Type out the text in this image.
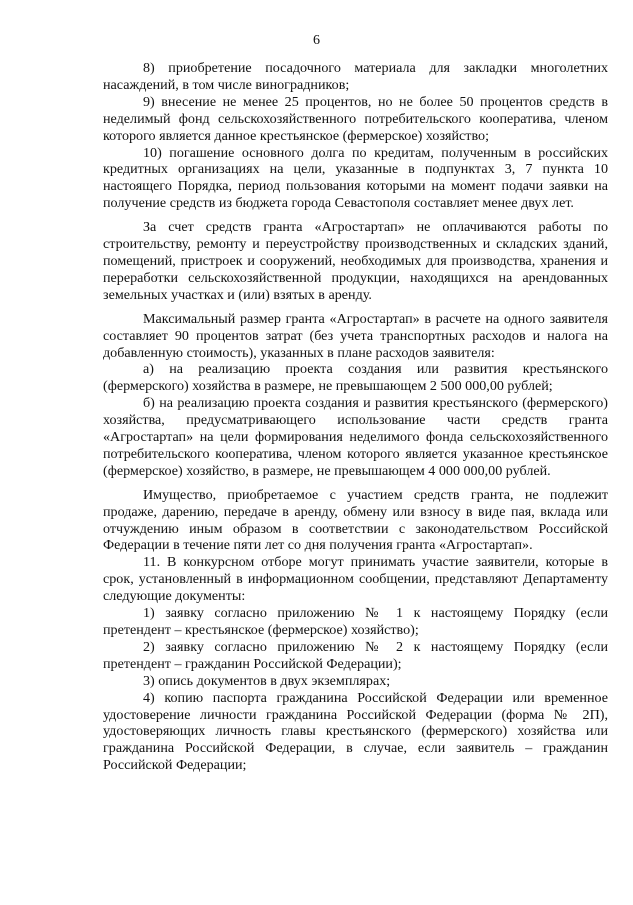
6

8) приобретение посадочного материала для закладки многолетних насаждений, в том числе виноградников;

9) внесение не менее 25 процентов, но не более 50 процентов средств в неделимый фонд сельскохозяйственного потребительского кооператива, членом которого является данное крестьянское (фермерское) хозяйство;

10) погашение основного долга по кредитам, полученным в российских кредитных организациях на цели, указанные в подпунктах 3, 7 пункта 10 настоящего Порядка, период пользования которыми на момент подачи заявки на получение средств из бюджета города Севастополя составляет менее двух лет.

За счет средств гранта «Агростартап» не оплачиваются работы по строительству, ремонту и переустройству производственных и складских зданий, помещений, пристроек и сооружений, необходимых для производства, хранения и переработки сельскохозяйственной продукции, находящихся на арендованных земельных участках и (или) взятых в аренду.

Максимальный размер гранта «Агростартап» в расчете на одного заявителя составляет 90 процентов затрат (без учета транспортных расходов и налога на добавленную стоимость), указанных в плане расходов заявителя:

а) на реализацию проекта создания или развития крестьянского (фермерского) хозяйства в размере, не превышающем 2 500 000,00 рублей;

б) на реализацию проекта создания и развития крестьянского (фермерского) хозяйства, предусматривающего использование части средств гранта «Агростартап» на цели формирования неделимого фонда сельскохозяйственного потребительского кооператива, членом которого является указанное крестьянское (фермерское) хозяйство, в размере, не превышающем 4 000 000,00 рублей.

Имущество, приобретаемое с участием средств гранта, не подлежит продаже, дарению, передаче в аренду, обмену или взносу в виде пая, вклада или отчуждению иным образом в соответствии с законодательством Российской Федерации в течение пяти лет со дня получения гранта «Агростартап».

11. В конкурсном отборе могут принимать участие заявители, которые в срок, установленный в информационном сообщении, представляют Департаменту следующие документы:

1) заявку согласно приложению № 1 к настоящему Порядку (если претендент – крестьянское (фермерское) хозяйство);

2) заявку согласно приложению № 2 к настоящему Порядку (если претендент – гражданин Российской Федерации);

3) опись документов в двух экземплярах;

4) копию паспорта гражданина Российской Федерации или временное удостоверение личности гражданина Российской Федерации (форма № 2П), удостоверяющих личность главы крестьянского (фермерского) хозяйства или гражданина Российской Федерации, в случае, если заявитель – гражданин Российской Федерации;
